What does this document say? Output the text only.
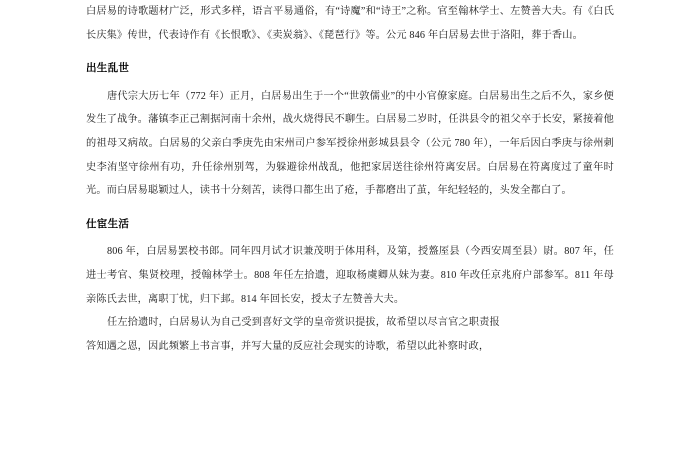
白居易的诗歌题材广泛，形式多样，语言平易通俗，有“诗魔”和“诗王”之称。官至翰林学士、左赞善大夫。有《白氏长庆集》传世，代表诗作有《长恨歌》、《卖炭翁》、《琵琶行》等。公元 846 年白居易去世于洛阳，葬于香山。

出生乱世

唐代宗大历七年（772 年）正月，白居易出生于一个“世敦儒业”的中小官僚家庭。白居易出生之后不久，家乡便发生了战争。藩镇李正己割据河南十余州，战火烧得民不聊生。白居易二岁时，任洪县令的祖父卒于长安，紧接着他的祖母又病故。白居易的父亲白季庚先由宋州司户参军授徐州彭城县县令（公元 780 年），一年后因白季庚与徐州刺史李洧坚守徐州有功，升任徐州别驾，为躲避徐州战乱，他把家居送往徐州符离安居。白居易在符离度过了童年时光。而白居易聪颖过人，读书十分刻苦，读得口都生出了疮，手都磨出了茧，年纪轻轻的，头发全都白了。

仕宦生活

806 年，白居易罢校书郎。同年四月试才识兼茂明于体用科，及第，授盩厔县（今西安周至县）尉。807 年，任进士考官、集贤校理，授翰林学士。808 年任左拾遗，迎取杨虞卿从妹为妻。810 年改任京兆府户部参军。811 年母亲陈氏去世，离职丁忧，归下邽。814 年回长安，授太子左赞善大夫。

任左拾遗时，白居易认为自己受到喜好文学的皇帝赏识提拔，故希望以尽言官之职责报

答知遇之恩，因此频繁上书言事，并写大量的反应社会现实的诗歌，希望以此补察时政，
